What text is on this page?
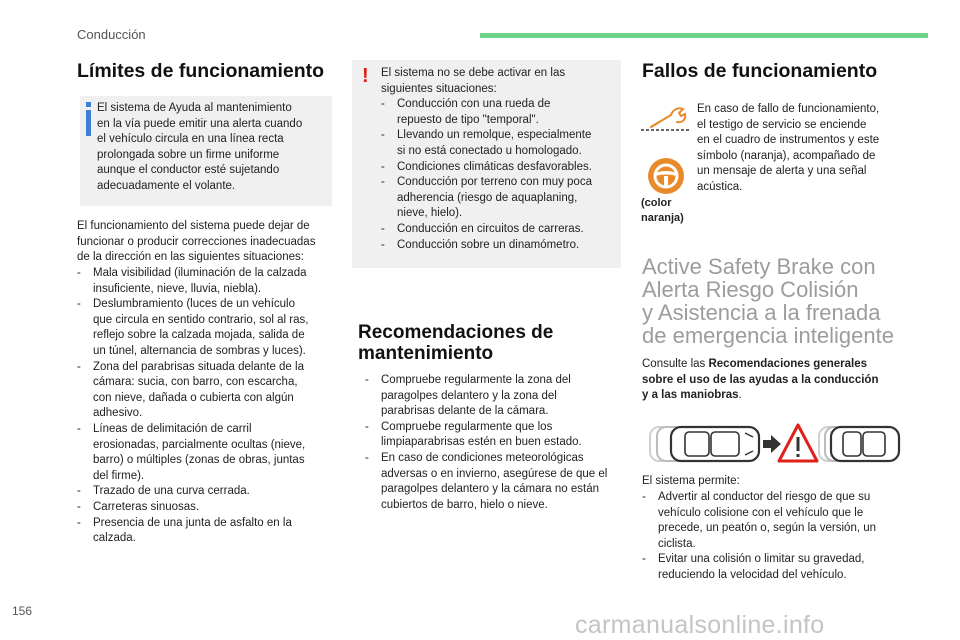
Conducción
Límites de funcionamiento
El sistema de Ayuda al mantenimiento
en la vía puede emitir una alerta cuando
el vehículo circula en una línea recta
prolongada sobre un firme uniforme
aunque el conductor esté sujetando
adecuadamente el volante.
El funcionamiento del sistema puede dejar de
funcionar o producir correcciones inadecuadas
de la dirección en las siguientes situaciones:
- Mala visibilidad (iluminación de la calzada
insuficiente, nieve, lluvia, niebla).
- Deslumbramiento (luces de un vehículo
que circula en sentido contrario, sol al ras,
reflejo sobre la calzada mojada, salida de
un túnel, alternancia de sombras y luces).
- Zona del parabrisas situada delante de la
cámara: sucia, con barro, con escarcha,
con nieve, dañada o cubierta con algún
adhesivo.
- Líneas de delimitación de carril
erosionadas, parcialmente ocultas (nieve,
barro) o múltiples (zonas de obras, juntas
del firme).
- Trazado de una curva cerrada.
- Carreteras sinuosas.
- Presencia de una junta de asfalto en la
calzada.
! El sistema no se debe activar en las
siguientes situaciones:
- Conducción con una rueda de
repuesto de tipo "temporal".
- Llevando un remolque, especialmente
si no está conectado u homologado.
- Condiciones climáticas desfavorables.
- Conducción por terreno con muy poca
adherencia (riesgo de aquaplaning,
nieve, hielo).
- Conducción en circuitos de carreras.
- Conducción sobre un dinamómetro.
Recomendaciones de
mantenimiento
- Compruebe regularmente la zona del
paragolpes delantero y la zona del
parabrisas delante de la cámara.
- Compruebe regularmente que los
limpiaparabrisas estén en buen estado.
- En caso de condiciones meteorológicas
adversas o en invierno, asegúrese de que el
paragolpes delantero y la cámara no están
cubiertos de barro, hielo o nieve.
Fallos de funcionamiento
(color
naranja)
En caso de fallo de funcionamiento,
el testigo de servicio se enciende
en el cuadro de instrumentos y este
símbolo (naranja), acompañado de
un mensaje de alerta y una señal
acústica.
Active Safety Brake con
Alerta Riesgo Colisión
y Asistencia a la frenada
de emergencia inteligente
Consulte las Recomendaciones generales
sobre el uso de las ayudas a la conducción
y a las maniobras.
El sistema permite:
- Advertir al conductor del riesgo de que su
vehículo colisione con el vehículo que le
precede, un peatón o, según la versión, un
ciclista.
- Evitar una colisión o limitar su gravedad,
reduciendo la velocidad del vehículo.
156	carmanualsonline.info
